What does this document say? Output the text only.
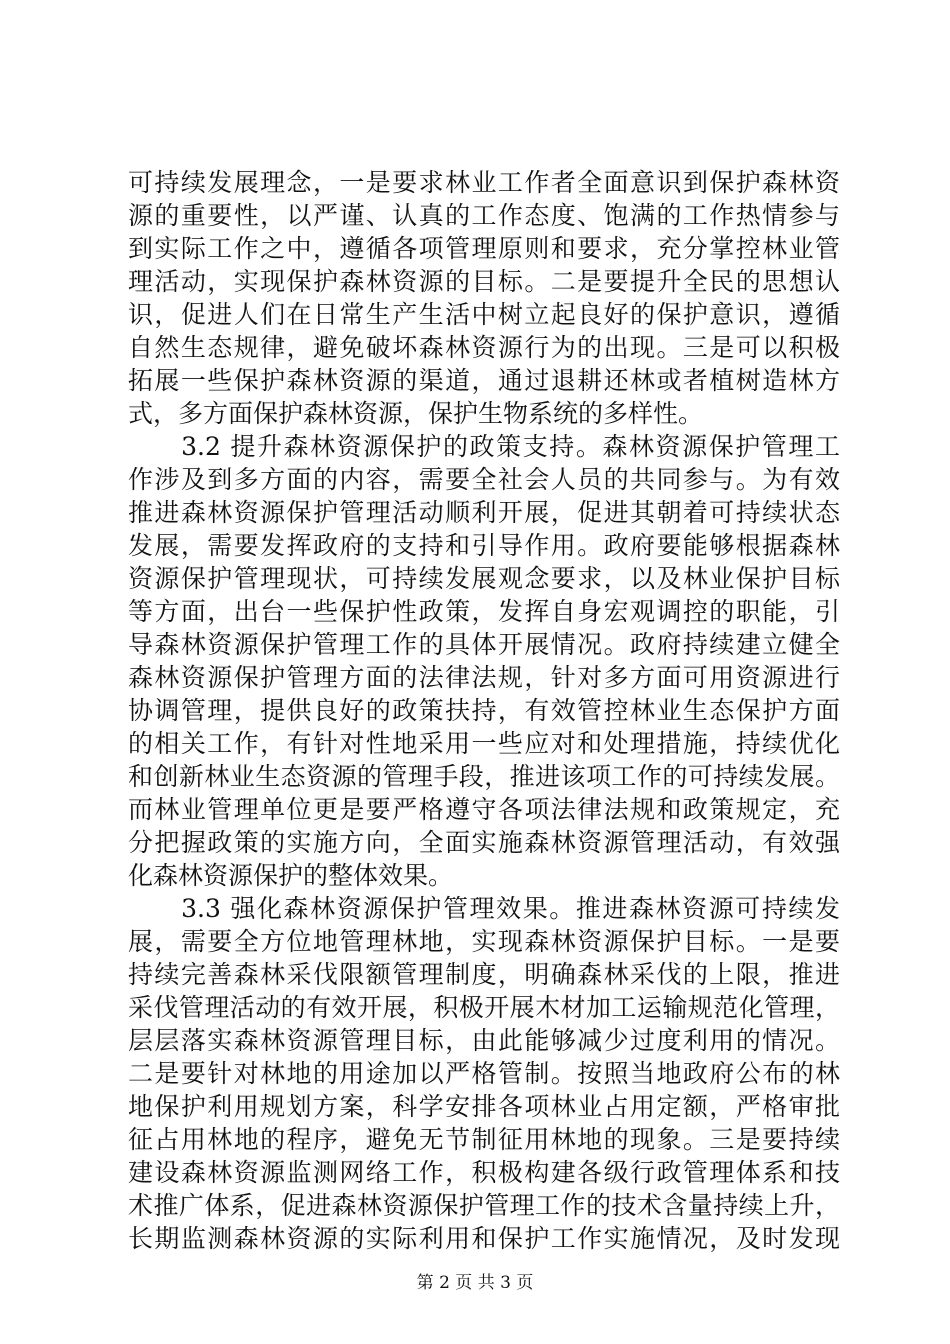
可持续发展理念，一是要求林业工作者全面意识到保护森林资
源的重要性，以严谨、认真的工作态度、饱满的工作热情参与
到实际工作之中，遵循各项管理原则和要求，充分掌控林业管
理活动，实现保护森林资源的目标。二是要提升全民的思想认
识，促进人们在日常生产生活中树立起良好的保护意识，遵循
自然生态规律，避免破坏森林资源行为的出现。三是可以积极
拓展一些保护森林资源的渠道，通过退耕还林或者植树造林方
式，多方面保护森林资源，保护生物系统的多样性。
　　3.2 提升森林资源保护的政策支持。森林资源保护管理工
作涉及到多方面的内容，需要全社会人员的共同参与。为有效
推进森林资源保护管理活动顺利开展，促进其朝着可持续状态
发展，需要发挥政府的支持和引导作用。政府要能够根据森林
资源保护管理现状，可持续发展观念要求，以及林业保护目标
等方面，出台一些保护性政策，发挥自身宏观调控的职能，引
导森林资源保护管理工作的具体开展情况。政府持续建立健全
森林资源保护管理方面的法律法规，针对多方面可用资源进行
协调管理，提供良好的政策扶持，有效管控林业生态保护方面
的相关工作，有针对性地采用一些应对和处理措施，持续优化
和创新林业生态资源的管理手段，推进该项工作的可持续发展。
而林业管理单位更是要严格遵守各项法律法规和政策规定，充
分把握政策的实施方向，全面实施森林资源管理活动，有效强
化森林资源保护的整体效果。
　　3.3 强化森林资源保护管理效果。推进森林资源可持续发
展，需要全方位地管理林地，实现森林资源保护目标。一是要
持续完善森林采伐限额管理制度，明确森林采伐的上限，推进
采伐管理活动的有效开展，积极开展木材加工运输规范化管理，
层层落实森林资源管理目标，由此能够减少过度利用的情况。
二是要针对林地的用途加以严格管制。按照当地政府公布的林
地保护利用规划方案，科学安排各项林业占用定额，严格审批
征占用林地的程序，避免无节制征用林地的现象。三是要持续
建设森林资源监测网络工作，积极构建各级行政管理体系和技
术推广体系，促进森林资源保护管理工作的技术含量持续上升，
长期监测森林资源的实际利用和保护工作实施情况，及时发现
第 2 页 共 3 页
